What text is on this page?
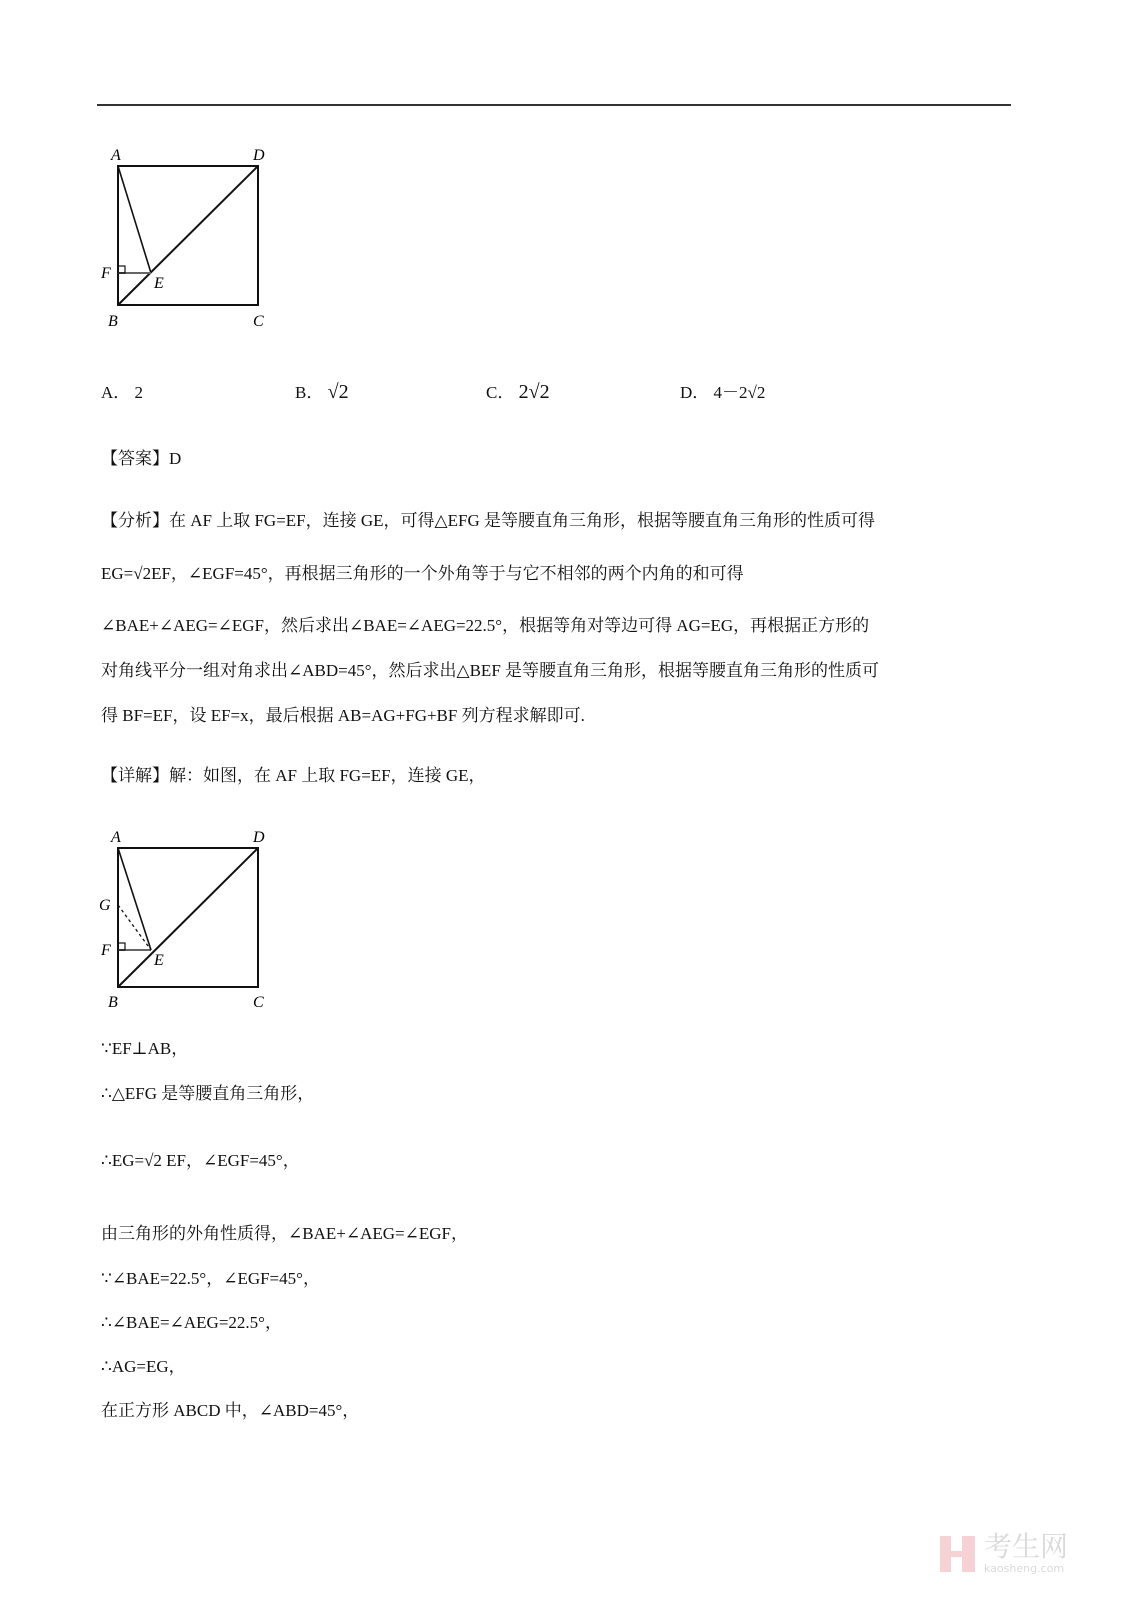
A	D
F
E
B	C
A． 2	B． √2	C． 2√2	D． 4－2√2
【答案】D
【分析】在 AF 上取 FG=EF，连接 GE，可得△EFG 是等腰直角三角形，根据等腰直角三角形的性质可得
EG=√2EF，∠EGF=45°，再根据三角形的一个外角等于与它不相邻的两个内角的和可得
∠BAE+∠AEG=∠EGF，然后求出∠BAE=∠AEG=22.5°，根据等角对等边可得 AG=EG，再根据正方形的
对角线平分一组对角求出∠ABD=45°，然后求出△BEF 是等腰直角三角形，根据等腰直角三角形的性质可
得 BF=EF，设 EF=x，最后根据 AB=AG+FG+BF 列方程求解即可.
【详解】解：如图，在 AF 上取 FG=EF，连接 GE，
A	D
G
F
E
B	C
∵EF⊥AB，
∴△EFG 是等腰直角三角形，
∴EG=√2 EF，∠EGF=45°，
由三角形的外角性质得，∠BAE+∠AEG=∠EGF，
∵∠BAE=22.5°，∠EGF=45°，
∴∠BAE=∠AEG=22.5°，
∴AG=EG，
在正方形 ABCD 中，∠ABD=45°，
考生网
kaosheng.com
